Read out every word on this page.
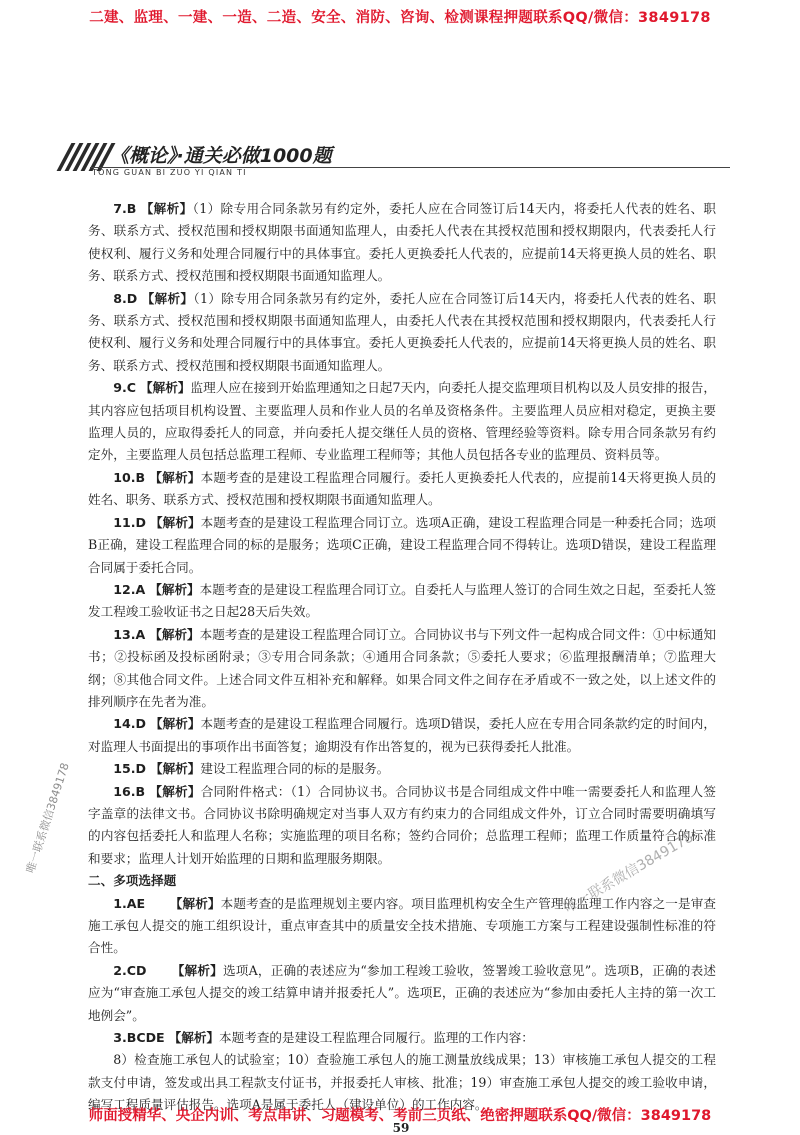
二建、监理、一建、一造、二造、安全、消防、咨询、检测课程押题联系QQ/微信：3849178
《概论》·通关必做1000题
TONG GUAN BI ZUO YI QIAN TI

7.B 【解析】（1）除专用合同条款另有约定外，委托人应在合同签订后14天内，将委托人代表的姓名、职务、联系方式、授权范围和授权期限书面通知监理人，由委托人代表在其授权范围和授权期限内，代表委托人行使权利、履行义务和处理合同履行中的具体事宜。委托人更换委托人代表的，应提前14天将更换人员的姓名、职务、联系方式、授权范围和授权期限书面通知监理人。

8.D 【解析】（1）除专用合同条款另有约定外，委托人应在合同签订后14天内，将委托人代表的姓名、职务、联系方式、授权范围和授权期限书面通知监理人，由委托人代表在其授权范围和授权期限内，代表委托人行使权利、履行义务和处理合同履行中的具体事宜。委托人更换委托人代表的，应提前14天将更换人员的姓名、职务、联系方式、授权范围和授权期限书面通知监理人。

9.C 【解析】监理人应在接到开始监理通知之日起7天内，向委托人提交监理项目机构以及人员安排的报告，其内容应包括项目机构设置、主要监理人员和作业人员的名单及资格条件。主要监理人员应相对稳定，更换主要监理人员的，应取得委托人的同意，并向委托人提交继任人员的资格、管理经验等资料。除专用合同条款另有约定外，主要监理人员包括总监理工程师、专业监理工程师等；其他人员包括各专业的监理员、资料员等。

10.B 【解析】本题考查的是建设工程监理合同履行。委托人更换委托人代表的，应提前14天将更换人员的姓名、职务、联系方式、授权范围和授权期限书面通知监理人。

11.D 【解析】本题考查的是建设工程监理合同订立。选项A正确，建设工程监理合同是一种委托合同；选项B正确，建设工程监理合同的标的是服务；选项C正确，建设工程监理合同不得转让。选项D错误，建设工程监理合同属于委托合同。

12.A 【解析】本题考查的是建设工程监理合同订立。自委托人与监理人签订的合同生效之日起，至委托人签发工程竣工验收证书之日起28天后失效。

13.A 【解析】本题考查的是建设工程监理合同订立。合同协议书与下列文件一起构成合同文件：①中标通知书；②投标函及投标函附录；③专用合同条款；④通用合同条款；⑤委托人要求；⑥监理报酬清单；⑦监理大纲；⑧其他合同文件。上述合同文件互相补充和解释。如果合同文件之间存在矛盾或不一致之处，以上述文件的排列顺序在先者为准。

14.D 【解析】本题考查的是建设工程监理合同履行。选项D错误，委托人应在专用合同条款约定的时间内，对监理人书面提出的事项作出书面答复；逾期没有作出答复的，视为已获得委托人批准。

15.D 【解析】建设工程监理合同的标的是服务。

16.B 【解析】合同附件格式：（1）合同协议书。合同协议书是合同组成文件中唯一需要委托人和监理人签字盖章的法律文书。合同协议书除明确规定对当事人双方有约束力的合同组成文件外，订立合同时需要明确填写的内容包括委托人和监理人名称；实施监理的项目名称；签约合同价；总监理工程师；监理工作质量符合的标准和要求；监理人计划开始监理的日期和监理服务期限。

二、多项选择题

1.AE 【解析】本题考查的是监理规划主要内容。项目监理机构安全生产管理的监理工作内容之一是审查施工承包人提交的施工组织设计，重点审查其中的质量安全技术措施、专项施工方案与工程建设强制性标准的符合性。

2.CD 【解析】选项A，正确的表述应为“参加工程竣工验收，签署竣工验收意见”。选项B，正确的表述应为“审查施工承包人提交的竣工结算申请并报委托人”。选项E，正确的表述应为“参加由委托人主持的第一次工地例会”。

3.BCDE 【解析】本题考查的是建设工程监理合同履行。监理的工作内容：

8）检查施工承包人的试验室；10）查验施工承包人的施工测量放线成果；13）审核施工承包人提交的工程款支付申请，签发或出具工程款支付证书，并报委托人审核、批准；19）审查施工承包人提交的竣工验收申请，编写工程质量评估报告。选项A是属于委托人（建设单位）的工作内容。

唯一联系微信3849178	唯一联系微信3849178
师面授精华、央企内训、考点串讲、习题模考、考前三页纸、绝密押题联系QQ/微信：3849178
59
